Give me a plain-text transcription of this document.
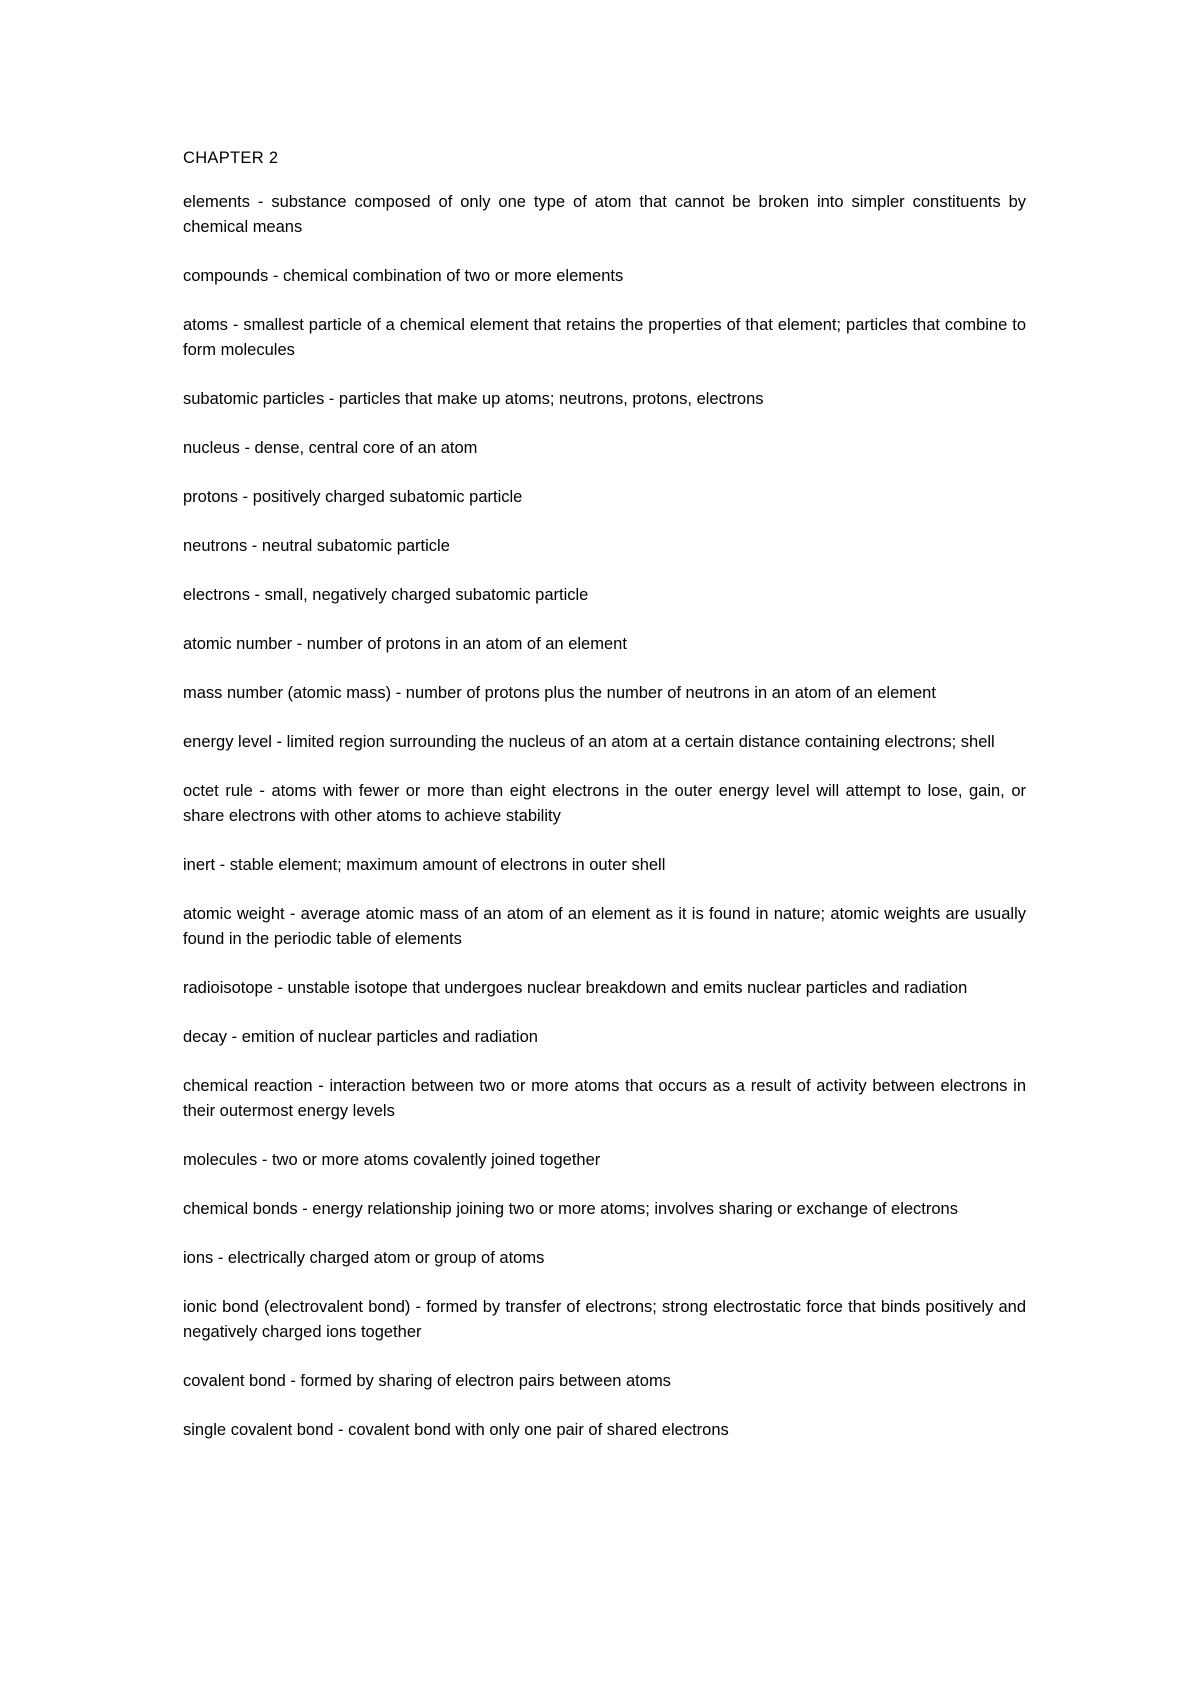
CHAPTER 2

elements - substance composed of only one type of atom that cannot be broken into simpler constituents by chemical means

compounds - chemical combination of two or more elements

atoms - smallest particle of a chemical element that retains the properties of that element; particles that combine to form molecules

subatomic particles - particles that make up atoms; neutrons, protons, electrons

nucleus - dense, central core of an atom

protons - positively charged subatomic particle

neutrons - neutral subatomic particle

electrons - small, negatively charged subatomic particle

atomic number - number of protons in an atom of an element

mass number (atomic mass) - number of protons plus the number of neutrons in an atom of an element

energy level - limited region surrounding the nucleus of an atom at a certain distance containing electrons; shell

octet rule - atoms with fewer or more than eight electrons in the outer energy level will attempt to lose, gain, or share electrons with other atoms to achieve stability

inert - stable element; maximum amount of electrons in outer shell

atomic weight - average atomic mass of an atom of an element as it is found in nature; atomic weights are usually found in the periodic table of elements

radioisotope - unstable isotope that undergoes nuclear breakdown and emits nuclear particles and radiation

decay - emition of nuclear particles and radiation

chemical reaction - interaction between two or more atoms that occurs as a result of activity between electrons in their outermost energy levels

molecules - two or more atoms covalently joined together

chemical bonds - energy relationship joining two or more atoms; involves sharing or exchange of electrons

ions - electrically charged atom or group of atoms

ionic bond (electrovalent bond) - formed by transfer of electrons; strong electrostatic force that binds positively and negatively charged ions together

covalent bond - formed by sharing of electron pairs between atoms

single covalent bond - covalent bond with only one pair of shared electrons
